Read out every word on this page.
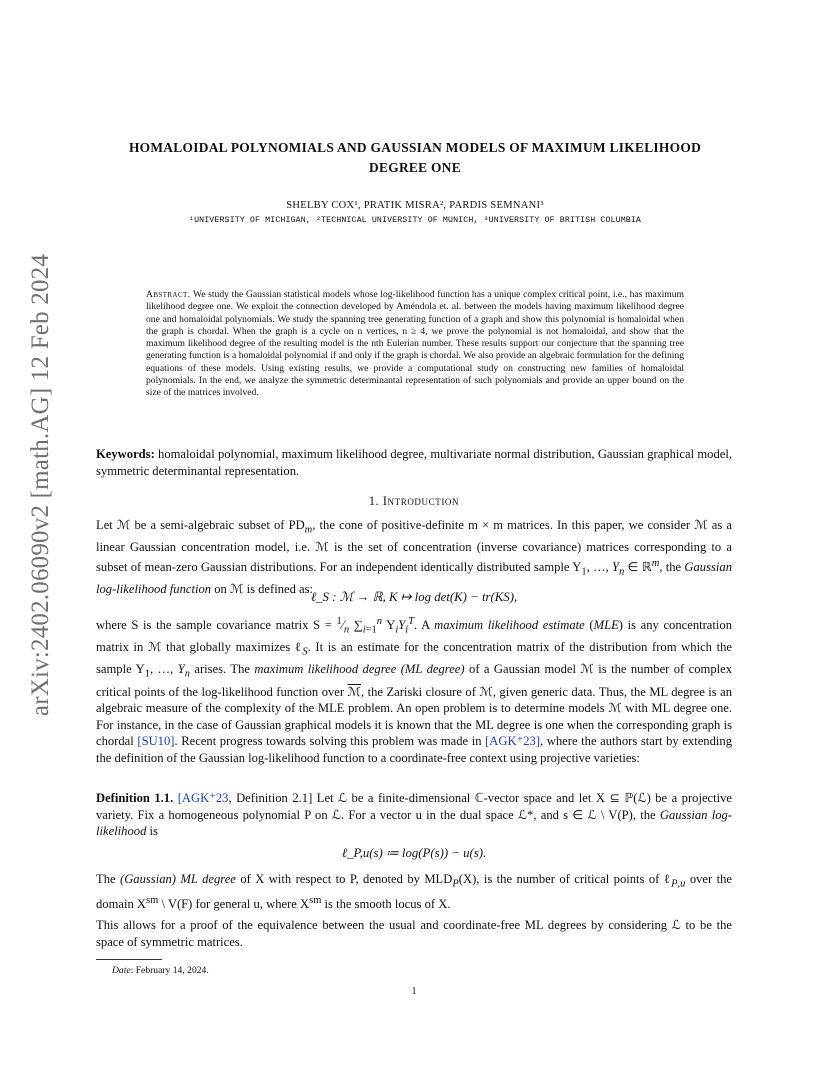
arXiv:2402.06090v2 [math.AG] 12 Feb 2024
HOMALOIDAL POLYNOMIALS AND GAUSSIAN MODELS OF MAXIMUM LIKELIHOOD DEGREE ONE
SHELBY COX¹, PRATIK MISRA², PARDIS SEMNANI³
¹UNIVERSITY OF MICHIGAN, ²TECHNICAL UNIVERSITY OF MUNICH, ³UNIVERSITY OF BRITISH COLUMBIA
Abstract. We study the Gaussian statistical models whose log-likelihood function has a unique complex critical point, i.e., has maximum likelihood degree one. We exploit the connection developed by Améndola et. al. between the models having maximum likelihood degree one and homaloidal polynomials. We study the spanning tree generating function of a graph and show this polynomial is homaloidal when the graph is chordal. When the graph is a cycle on n vertices, n ≥ 4, we prove the polynomial is not homaloidal, and show that the maximum likelihood degree of the resulting model is the nth Eulerian number. These results support our conjecture that the spanning tree generating function is a homaloidal polynomial if and only if the graph is chordal. We also provide an algebraic formulation for the defining equations of these models. Using existing results, we provide a computational study on constructing new families of homaloidal polynomials. In the end, we analyze the symmetric determinantal representation of such polynomials and provide an upper bound on the size of the matrices involved.
Keywords: homaloidal polynomial, maximum likelihood degree, multivariate normal distribution, Gaussian graphical model, symmetric determinantal representation.
1. Introduction
Let ℳ be a semi-algebraic subset of $PD_m$, the cone of positive-definite m × m matrices. In this paper, we consider ℳ as a linear Gaussian concentration model, i.e. ℳ is the set of concentration (inverse covariance) matrices corresponding to a subset of mean-zero Gaussian distributions. For an independent identically distributed sample $Y_1$, …, $Y_n$ ∈ ℝ$^m$, the Gaussian log-likelihood function on ℳ is defined as:
ℓ_S : ℳ → ℝ, K ↦ log det(K) − tr(KS),
where S is the sample covariance matrix $S = ^1⁄_n$ $\sum_{i=1}^n$ $Y_iY_i^T$. A maximum likelihood estimate (MLE) is any concentration matrix in ℳ that globally maximizes ℓ$_S$. It is an estimate for the concentration matrix of the distribution from which the sample $Y_1$, …, $Y_n$ arises. The maximum likelihood degree (ML degree) of a Gaussian model ℳ is the number of complex critical points of the log-likelihood function over ℳ, the Zariski closure of ℳ, given generic data. Thus, the ML degree is an algebraic measure of the complexity of the MLE problem. An open problem is to determine models ℳ with ML degree one. For instance, in the case of Gaussian graphical models it is known that the ML degree is one when the corresponding graph is chordal [SU10]. Recent progress towards solving this problem was made in [AGK⁺23], where the authors start by extending the definition of the Gaussian log-likelihood function to a coordinate-free context using projective varieties:
Definition 1.1. [AGK⁺23, Definition 2.1] Let ℒ be a finite-dimensional ℂ-vector space and let X ⊆ ℙ(ℒ) be a projective variety. Fix a homogeneous polynomial P on ℒ. For a vector u in the dual space ℒ*, and s ∈ ℒ \ V(P), the Gaussian log-likelihood is
ℓ_P,u(s) ≔ log(P(s)) − u(s).
The (Gaussian) ML degree of X with respect to P, denoted by $MLD_P(X)$, is the number of critical points of ℓ$_{P,u}$ over the domain $X^{sm}$ \ V(F) for general u, where $X^{sm}$ is the smooth locus of X.
This allows for a proof of the equivalence between the usual and coordinate-free ML degrees by considering ℒ to be the space of symmetric matrices.
Date: February 14, 2024.
1
